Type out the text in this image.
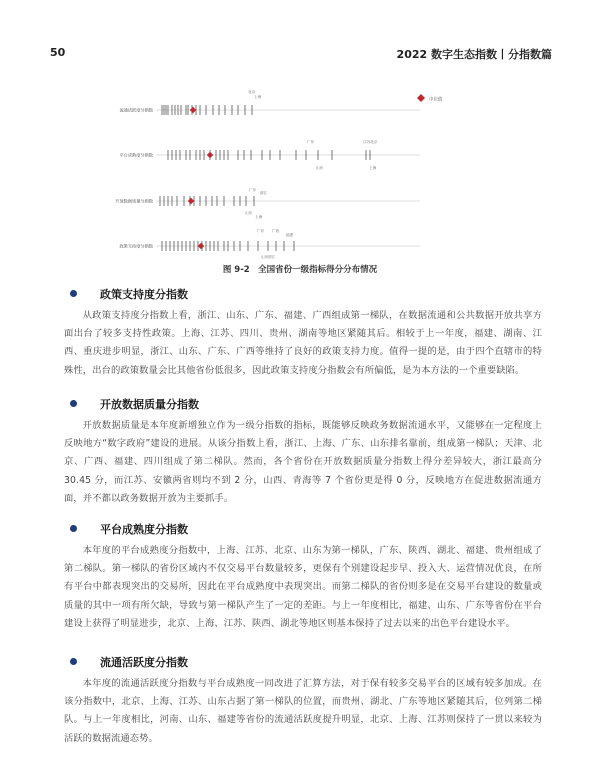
50	2022 数字生态指数丨分指数篇
中位值
流通活跃度分指数
北京
上海
平台成熟度分指数
广东	江苏北京
山东	上海
开放数据质量分指数
广东
浙江
山东
上海
政策支持度分指数
广东 广西
福建
山东浙江
图 9-2　全国省份一级指标得分分布情况
政策支持度分指数

从政策支持度分指数上看，浙江、山东、广东、福建、广西组成第一梯队，在数据流通和公共数据开放共享方面出台了较多支持性政策。上海、江苏、四川、贵州、湖南等地区紧随其后。相较于上一年度，福建、湖南、江西、重庆进步明显，浙江、山东、广东、广西等维持了良好的政策支持力度。值得一提的是，由于四个直辖市的特殊性，出台的政策数量会比其他省份低很多，因此政策支持度分指数会有所偏低，是为本方法的一个重要缺陷。

开放数据质量分指数

开放数据质量是本年度新增独立作为一级分指数的指标，既能够反映政务数据流通水平，又能够在一定程度上反映地方“数字政府”建设的进展。从该分指数上看，浙江、上海、广东、山东排名靠前，组成第一梯队；天津、北京、广西、福建、四川组成了第二梯队。然而，各个省份在开放数据质量分指数上得分差异较大，浙江最高分 30.45 分，而江苏、安徽两省则均不到 2 分，山西、青海等 7 个省份更是得 0 分，反映地方在促进数据流通方面，并不都以政务数据开放为主要抓手。

平台成熟度分指数

本年度的平台成熟度分指数中，上海、江苏、北京、山东为第一梯队，广东、陕西、湖北、福建、贵州组成了第二梯队。第一梯队的省份区域内不仅交易平台数量较多，更保有个别建设起步早、投入大、运营情况优良，在所有平台中都表现突出的交易所，因此在平台成熟度中表现突出。而第二梯队的省份则多是在交易平台建设的数量或质量的其中一项有所欠缺，导致与第一梯队产生了一定的差距。与上一年度相比，福建、山东、广东等省份在平台建设上获得了明显进步，北京、上海、江苏、陕西、湖北等地区则基本保持了过去以来的出色平台建设水平。

流通活跃度分指数

本年度的流通活跃度分指数与平台成熟度一同改进了汇算方法，对于保有较多交易平台的区域有较多加成。在该分指数中，北京、上海、江苏、山东占据了第一梯队的位置，而贵州、湖北、广东等地区紧随其后，位列第二梯队。与上一年度相比，河南、山东、福建等省份的流通活跃度提升明显，北京、上海、江苏则保持了一贯以来较为活跃的数据流通态势。
